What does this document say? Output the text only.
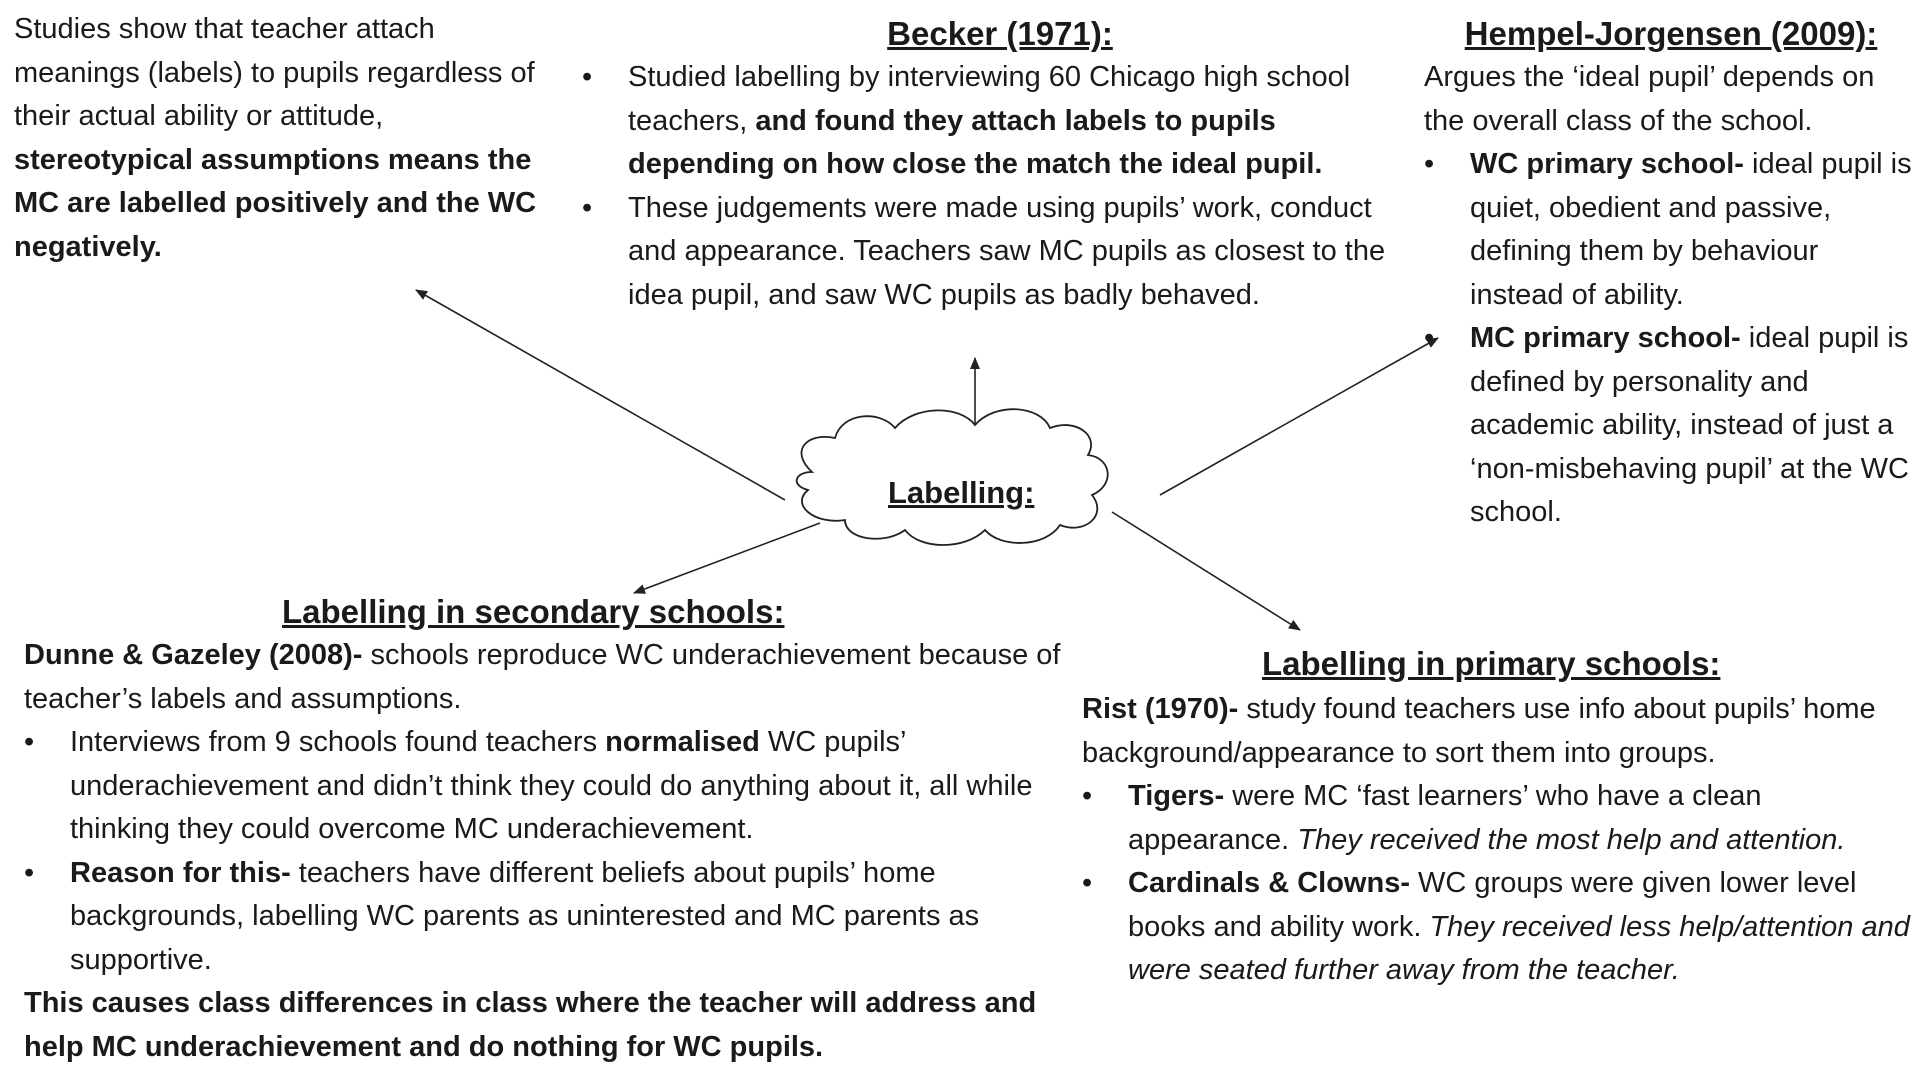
Labelling:
Studies show that teacher attach meanings (labels) to pupils regardless of their actual ability or attitude, stereotypical assumptions means the MC are labelled positively and the WC negatively.
Becker (1971):
• Studied labelling by interviewing 60 Chicago high school teachers, and found they attach labels to pupils depending on how close the match the ideal pupil.
• These judgements were made using pupils’ work, conduct and appearance. Teachers saw MC pupils as closest to the idea pupil, and saw WC pupils as badly behaved.
Hempel-Jorgensen (2009):
Argues the ‘ideal pupil’ depends on the overall class of the school.
• WC primary school- ideal pupil is quiet, obedient and passive, defining them by behaviour instead of ability.
• MC primary school- ideal pupil is defined by personality and academic ability, instead of just a ‘non-misbehaving pupil’ at the WC school.
Labelling in secondary schools:
Dunne & Gazeley (2008)- schools reproduce WC underachievement because of teacher’s labels and assumptions.
• Interviews from 9 schools found teachers normalised WC pupils’ underachievement and didn’t think they could do anything about it, all while thinking they could overcome MC underachievement.
• Reason for this- teachers have different beliefs about pupils’ home backgrounds, labelling WC parents as uninterested and MC parents as supportive.
This causes class differences in class where the teacher will address and help MC underachievement and do nothing for WC pupils.
Labelling in primary schools:
Rist (1970)- study found teachers use info about pupils’ home background/appearance to sort them into groups.
• Tigers- were MC ‘fast learners’ who have a clean appearance. They received the most help and attention.
• Cardinals & Clowns- WC groups were given lower level books and ability work. They received less help/attention and were seated further away from the teacher.
